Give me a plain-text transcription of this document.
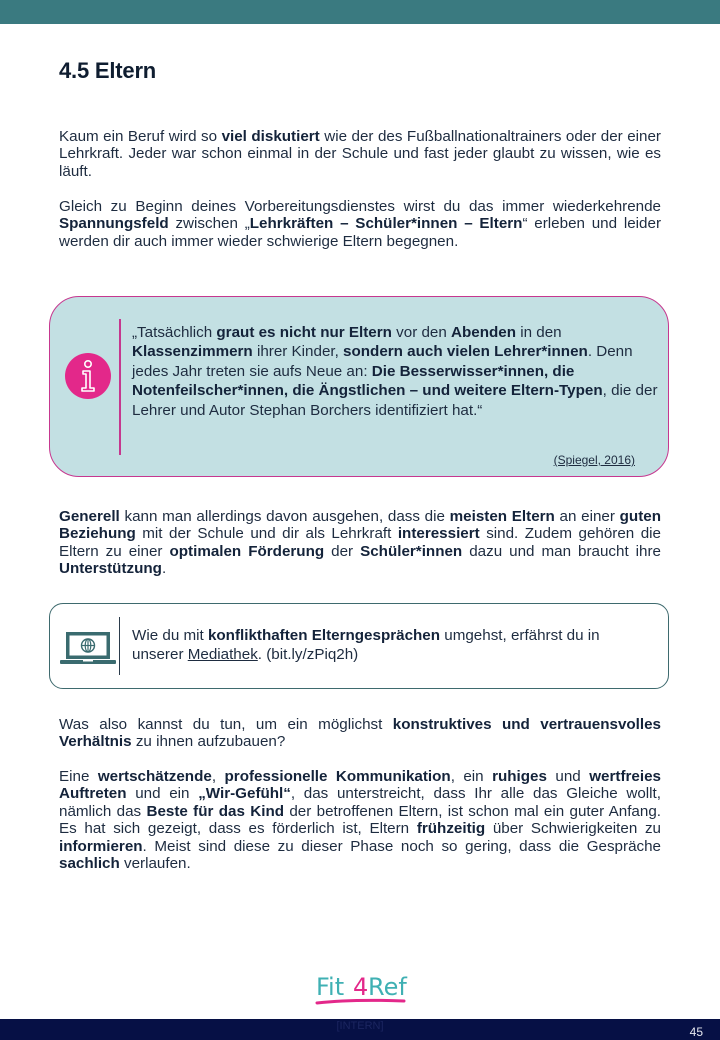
4.5 Eltern

Kaum ein Beruf wird so viel diskutiert wie der des Fußballnationaltrainers oder der einer Lehrkraft. Jeder war schon einmal in der Schule und fast jeder glaubt zu wissen, wie es läuft.

Gleich zu Beginn deines Vorbereitungsdienstes wirst du das immer wiederkehrende Spannungsfeld zwischen „Lehrkräften – Schüler*innen – Eltern“ erleben und leider werden dir auch immer wieder schwierige Eltern begegnen.

„Tatsächlich graut es nicht nur Eltern vor den Abenden in den Klassenzimmern ihrer Kinder, sondern auch vielen Lehrer*innen. Denn jedes Jahr treten sie aufs Neue an: Die Besserwisser*innen, die Notenfeilscher*innen, die Ängstlichen – und weitere Eltern-Typen, die der Lehrer und Autor Stephan Borchers identifiziert hat.“

(Spiegel, 2016)

Generell kann man allerdings davon ausgehen, dass die meisten Eltern an einer guten Beziehung mit der Schule und dir als Lehrkraft interessiert sind. Zudem gehören die Eltern zu einer optimalen Förderung der Schüler*innen dazu und man braucht ihre Unterstützung.

Wie du mit konflikthaften Elterngesprächen umgehst, erfährst du in unserer Mediathek. (bit.ly/zPiq2h)

Was also kannst du tun, um ein möglichst konstruktives und vertrauensvolles Verhältnis zu ihnen aufzubauen?

Eine wertschätzende, professionelle Kommunikation, ein ruhiges und wertfreies Auftreten und ein „Wir-Gefühl“, das unterstreicht, dass Ihr alle das Gleiche wollt, nämlich das Beste für das Kind der betroffenen Eltern, ist schon mal ein guter Anfang. Es hat sich gezeigt, dass es förderlich ist, Eltern frühzeitig über Schwierigkeiten zu informieren. Meist sind diese zu dieser Phase noch so gering, dass die Gespräche sachlich verlaufen.

Fit 4 Ref
[INTERN]	45
